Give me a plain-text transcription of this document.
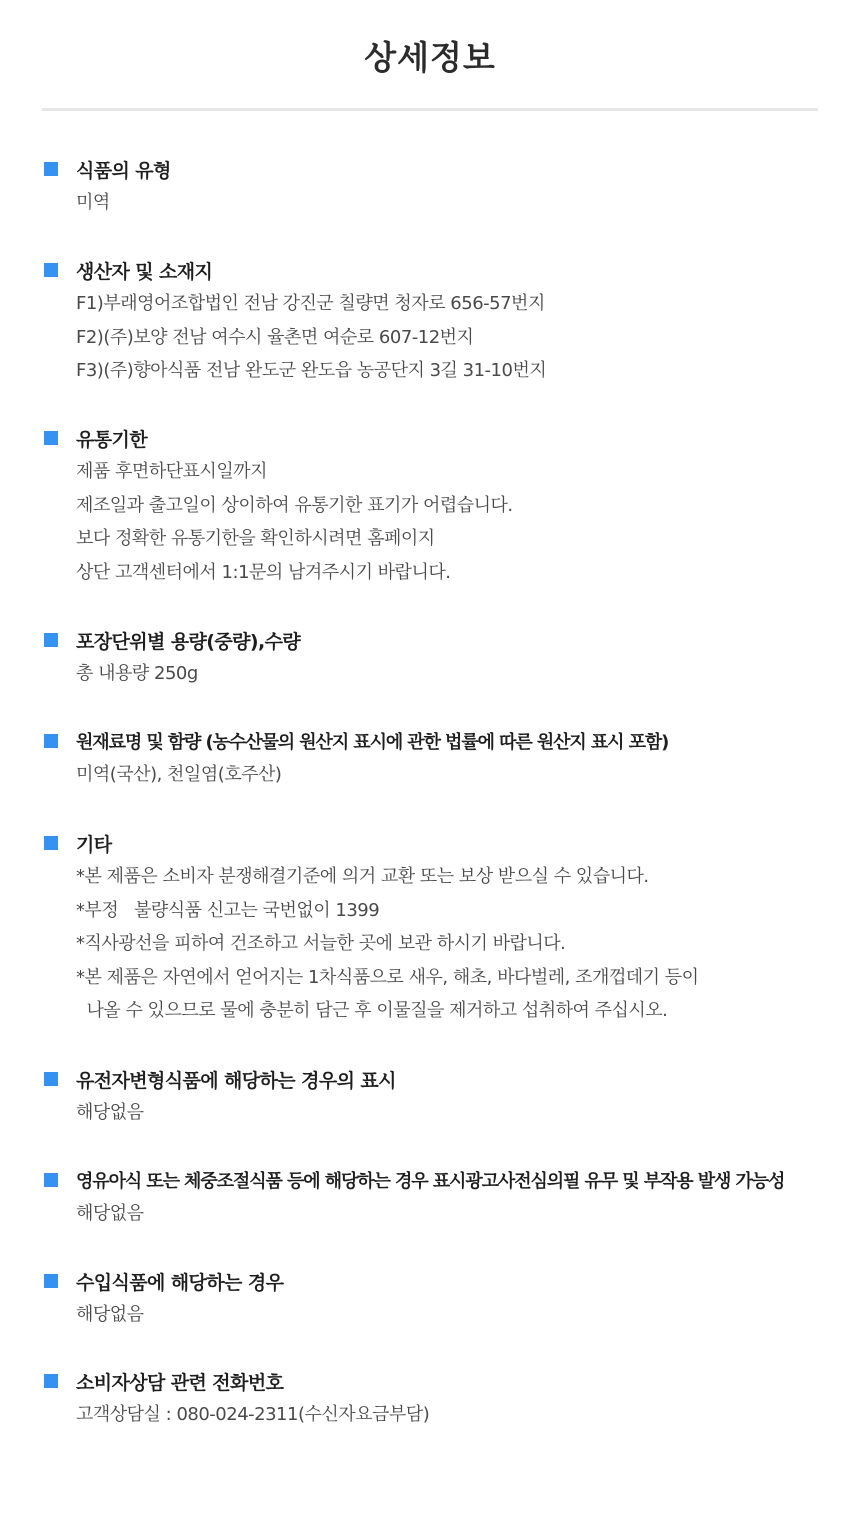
상세정보
식품의 유형
미역
생산자 및 소재지
F1)부래영어조합법인 전남 강진군 칠량면 청자로 656-57번지
F2)(주)보양 전남 여수시 율촌면 여순로 607-12번지
F3)(주)향아식품 전남 완도군 완도읍 농공단지 3길 31-10번지
유통기한
제품 후면하단표시일까지
제조일과 출고일이 상이하여 유통기한 표기가 어렵습니다.
보다 정확한 유통기한을 확인하시려면 홈페이지
상단 고객센터에서 1:1문의 남겨주시기 바랍니다.
포장단위별 용량(중량),수량
총 내용량 250g
원재료명 및 함량 (농수산물의 원산지 표시에 관한 법률에 따른 원산지 표시 포함)
미역(국산), 천일염(호주산)
기타
*본 제품은 소비자 분쟁해결기준에 의거 교환 또는 보상 받으실 수 있습니다.
*부정   불량식품 신고는 국번없이 1399
*직사광선을 피하여 건조하고 서늘한 곳에 보관 하시기 바랍니다.
*본 제품은 자연에서 얻어지는 1차식품으로 새우, 해초, 바다벌레, 조개껍데기 등이
나올 수 있으므로 물에 충분히 담근 후 이물질을 제거하고 섭취하여 주십시오.
유전자변형식품에 해당하는 경우의 표시
해당없음
영유아식 또는 체중조절식품 등에 해당하는 경우 표시광고사전심의필 유무 및 부작용 발생 가능성
해당없음
수입식품에 해당하는 경우
해당없음
소비자상담 관련 전화번호
고객상담실 : 080-024-2311(수신자요금부담)
